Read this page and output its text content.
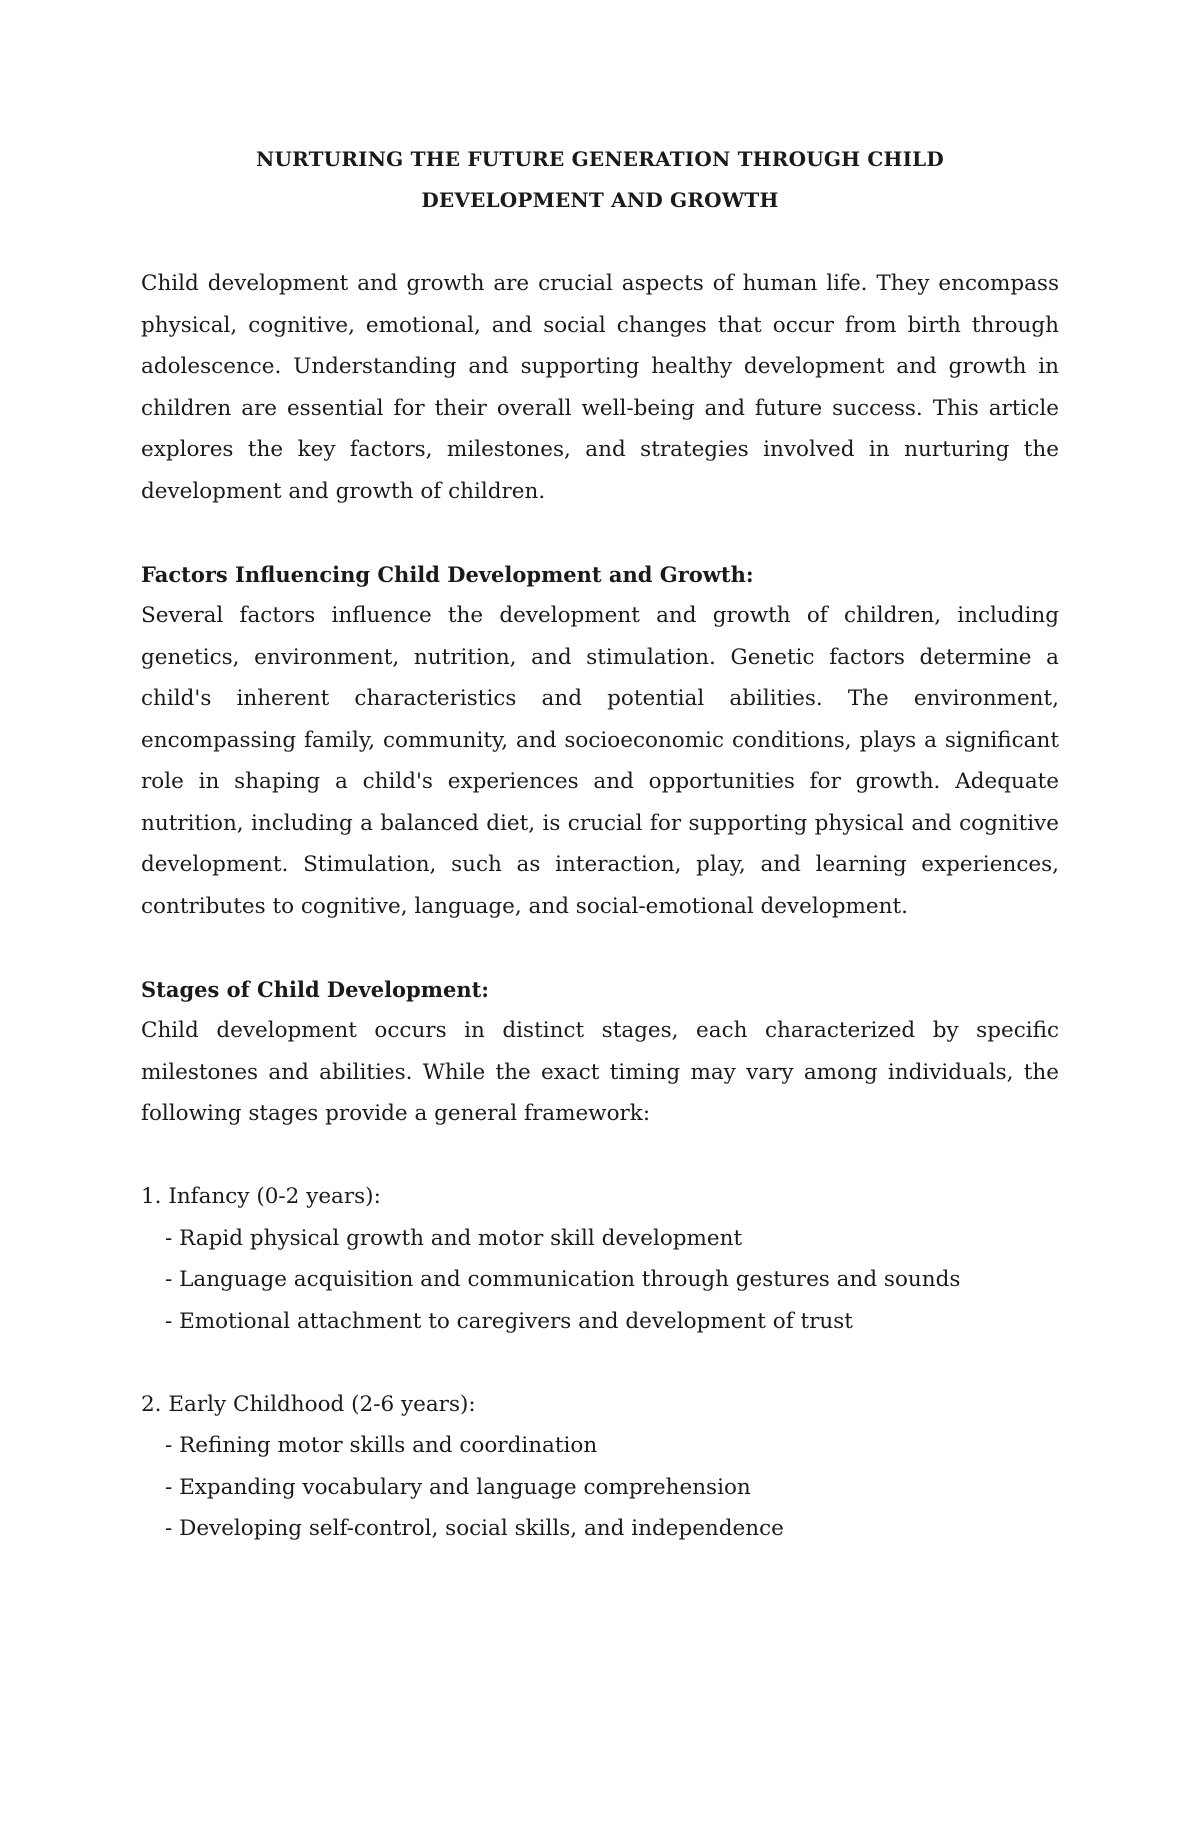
NURTURING THE FUTURE GENERATION THROUGH CHILD
DEVELOPMENT AND GROWTH

Child development and growth are crucial aspects of human life. They encompass physical, cognitive, emotional, and social changes that occur from birth through adolescence. Understanding and supporting healthy development and growth in children are essential for their overall well-being and future success. This article explores the key factors, milestones, and strategies involved in nurturing the development and growth of children.

Factors Influencing Child Development and Growth:

Several factors influence the development and growth of children, including genetics, environment, nutrition, and stimulation. Genetic factors determine a child's inherent characteristics and potential abilities. The environment, encompassing family, community, and socioeconomic conditions, plays a significant role in shaping a child's experiences and opportunities for growth. Adequate nutrition, including a balanced diet, is crucial for supporting physical and cognitive development. Stimulation, such as interaction, play, and learning experiences, contributes to cognitive, language, and social-emotional development.

Stages of Child Development:

Child development occurs in distinct stages, each characterized by specific milestones and abilities. While the exact timing may vary among individuals, the following stages provide a general framework:

1. Infancy (0-2 years):

- Rapid physical growth and motor skill development

- Language acquisition and communication through gestures and sounds

- Emotional attachment to caregivers and development of trust

2. Early Childhood (2-6 years):

- Refining motor skills and coordination

- Expanding vocabulary and language comprehension

- Developing self-control, social skills, and independence
